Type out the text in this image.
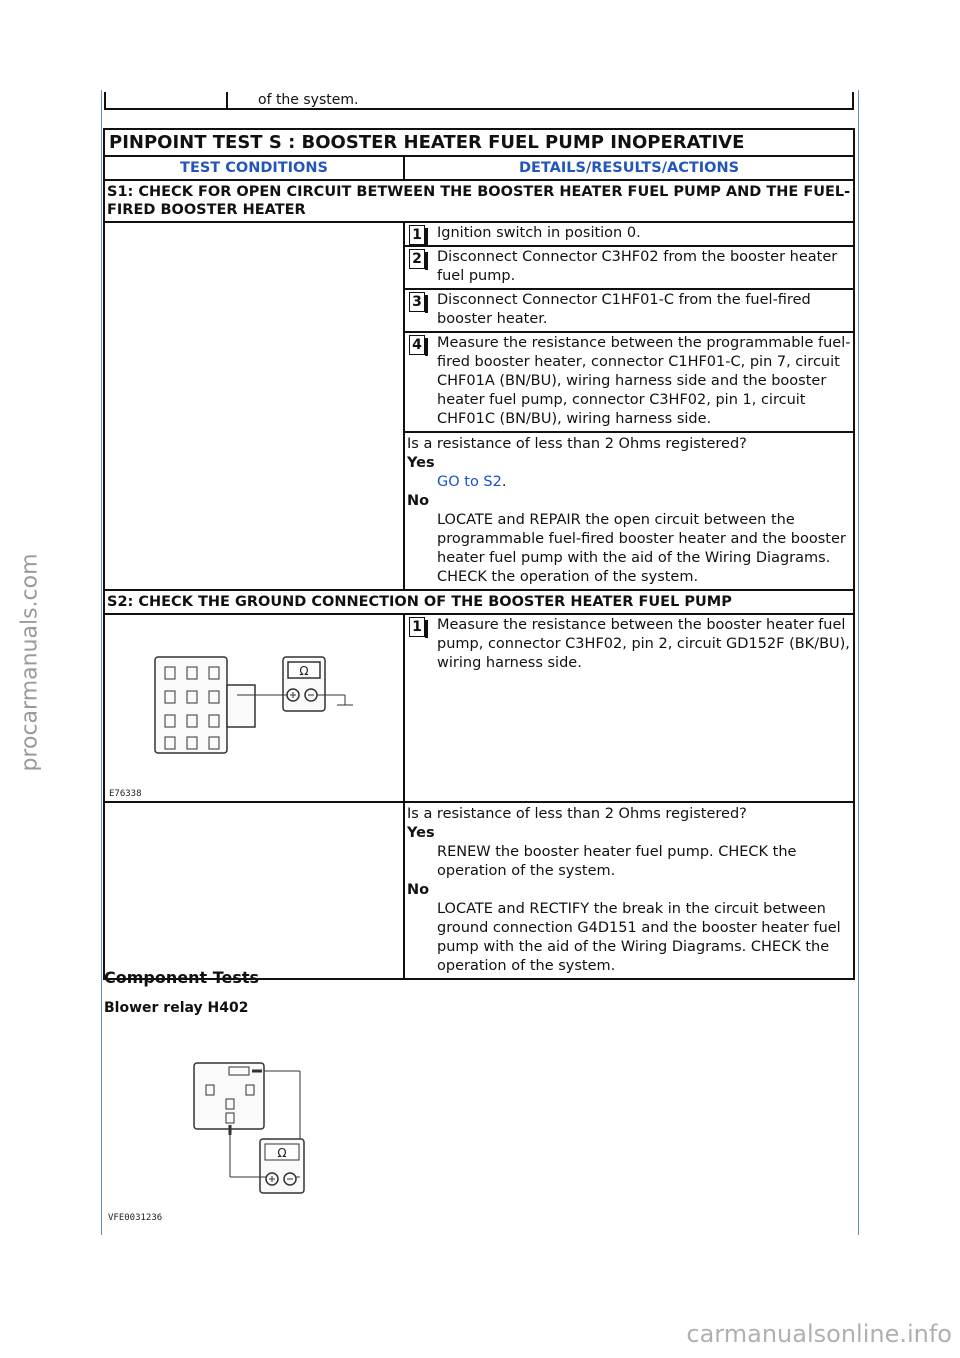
procarmanuals.com
of the system.
PINPOINT TEST S : BOOSTER HEATER FUEL PUMP INOPERATIVE	
TEST CONDITIONS	DETAILS/RESULTS/ACTIONS
S1: CHECK FOR OPEN CIRCUIT BETWEEN THE BOOSTER HEATER FUEL PUMP AND THE FUEL-FIRED BOOSTER HEATER	

	1 Ignition switch in position 0.

	2 Disconnect Connector C3HF02 from the booster heater fuel pump.

	3 Disconnect Connector C1HF01-C from the fuel-fired booster heater.

	4 Measure the resistance between the programmable fuel-fired booster heater, connector C1HF01-C, pin 7, circuit CHF01A (BN/BU), wiring harness side and the booster heater fuel pump, connector C3HF02, pin 1, circuit CHF01C (BN/BU), wiring harness side.

	Is a resistance of less than 2 Ohms registered?
Yes
GO to S2.
No
LOCATE and REPAIR the open circuit between the programmable fuel-fired booster heater and the booster heater fuel pump with the aid of the Wiring Diagrams. CHECK the operation of the system.

S2: CHECK THE GROUND CONNECTION OF THE BOOSTER HEATER FUEL PUMP	

Ω
E76338	1 Measure the resistance between the booster heater fuel pump, connector C3HF02, pin 2, circuit GD152F (BK/BU), wiring harness side.

	Is a resistance of less than 2 Ohms registered?
Yes
RENEW the booster heater fuel pump. CHECK the operation of the system.
No
LOCATE and RECTIFY the break in the circuit between ground connection G4D151 and the booster heater fuel pump with the aid of the Wiring Diagrams. CHECK the operation of the system.
Component Tests
Blower relay H402
Ω
VFE0031236
carmanualsonline.info
